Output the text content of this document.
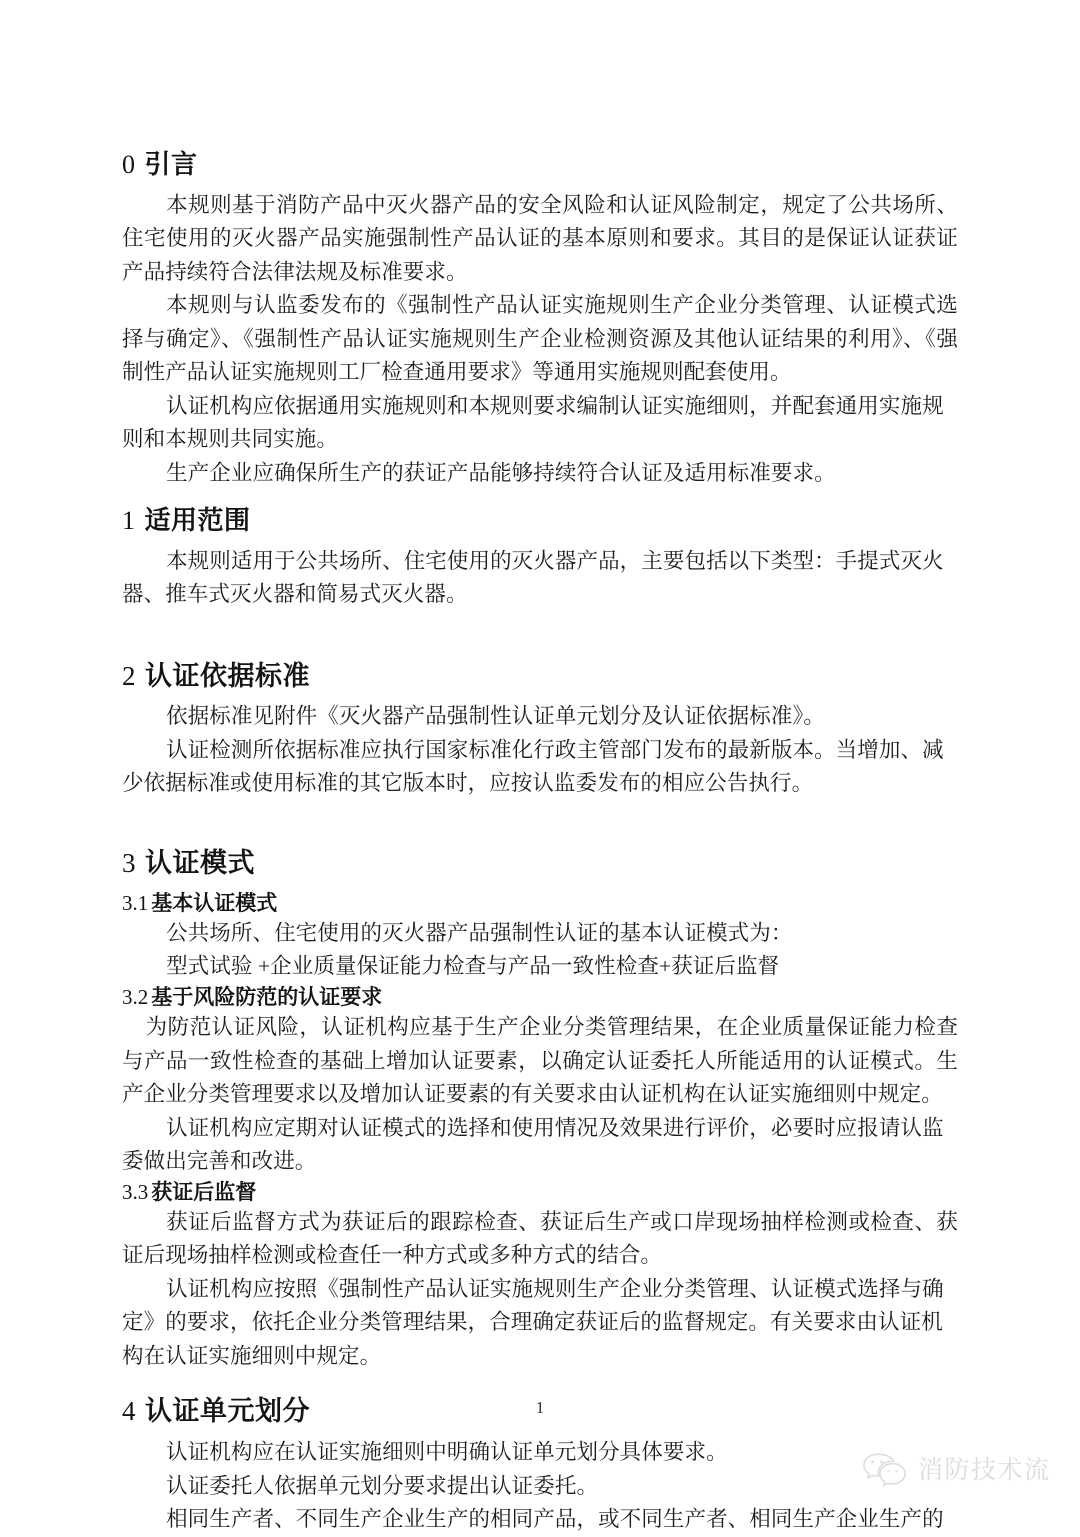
0 引言

本规则基于消防产品中灭火器产品的安全风险和认证风险制定，规定了公共场所、住宅使用的灭火器产品实施强制性产品认证的基本原则和要求。其目的是保证认证获证产品持续符合法律法规及标准要求。

本规则与认监委发布的《强制性产品认证实施规则生产企业分类管理、认证模式选择与确定》、《强制性产品认证实施规则生产企业检测资源及其他认证结果的利用》、《强制性产品认证实施规则工厂检查通用要求》等通用实施规则配套使用。

认证机构应依据通用实施规则和本规则要求编制认证实施细则，并配套通用实施规则和本规则共同实施。

生产企业应确保所生产的获证产品能够持续符合认证及适用标准要求。

1 适用范围

本规则适用于公共场所、住宅使用的灭火器产品，主要包括以下类型：手提式灭火器、推车式灭火器和简易式灭火器。

2 认证依据标准

依据标准见附件《灭火器产品强制性认证单元划分及认证依据标准》。

认证检测所依据标准应执行国家标准化行政主管部门发布的最新版本。当增加、减少依据标准或使用标准的其它版本时，应按认监委发布的相应公告执行。

3 认证模式
3.1 基本认证模式

公共场所、住宅使用的灭火器产品强制性认证的基本认证模式为：

型式试验 +企业质量保证能力检查与产品一致性检查+获证后监督

3.2 基于风险防范的认证要求

为防范认证风险，认证机构应基于生产企业分类管理结果，在企业质量保证能力检查与产品一致性检查的基础上增加认证要素，以确定认证委托人所能适用的认证模式。生产企业分类管理要求以及增加认证要素的有关要求由认证机构在认证实施细则中规定。

认证机构应定期对认证模式的选择和使用情况及效果进行评价，必要时应报请认监委做出完善和改进。

3.3 获证后监督

获证后监督方式为获证后的跟踪检查、获证后生产或口岸现场抽样检测或检查、获证后现场抽样检测或检查任一种方式或多种方式的结合。

认证机构应按照《强制性产品认证实施规则生产企业分类管理、认证模式选择与确定》的要求，依托企业分类管理结果，合理确定获证后的监督规定。有关要求由认证机构在认证实施细则中规定。

4 认证单元划分

认证机构应在认证实施细则中明确认证单元划分具体要求。

认证委托人依据单元划分要求提出认证委托。

相同生产者、不同生产企业生产的相同产品，或不同生产者、相同生产企业生产的

1
消防技术流
